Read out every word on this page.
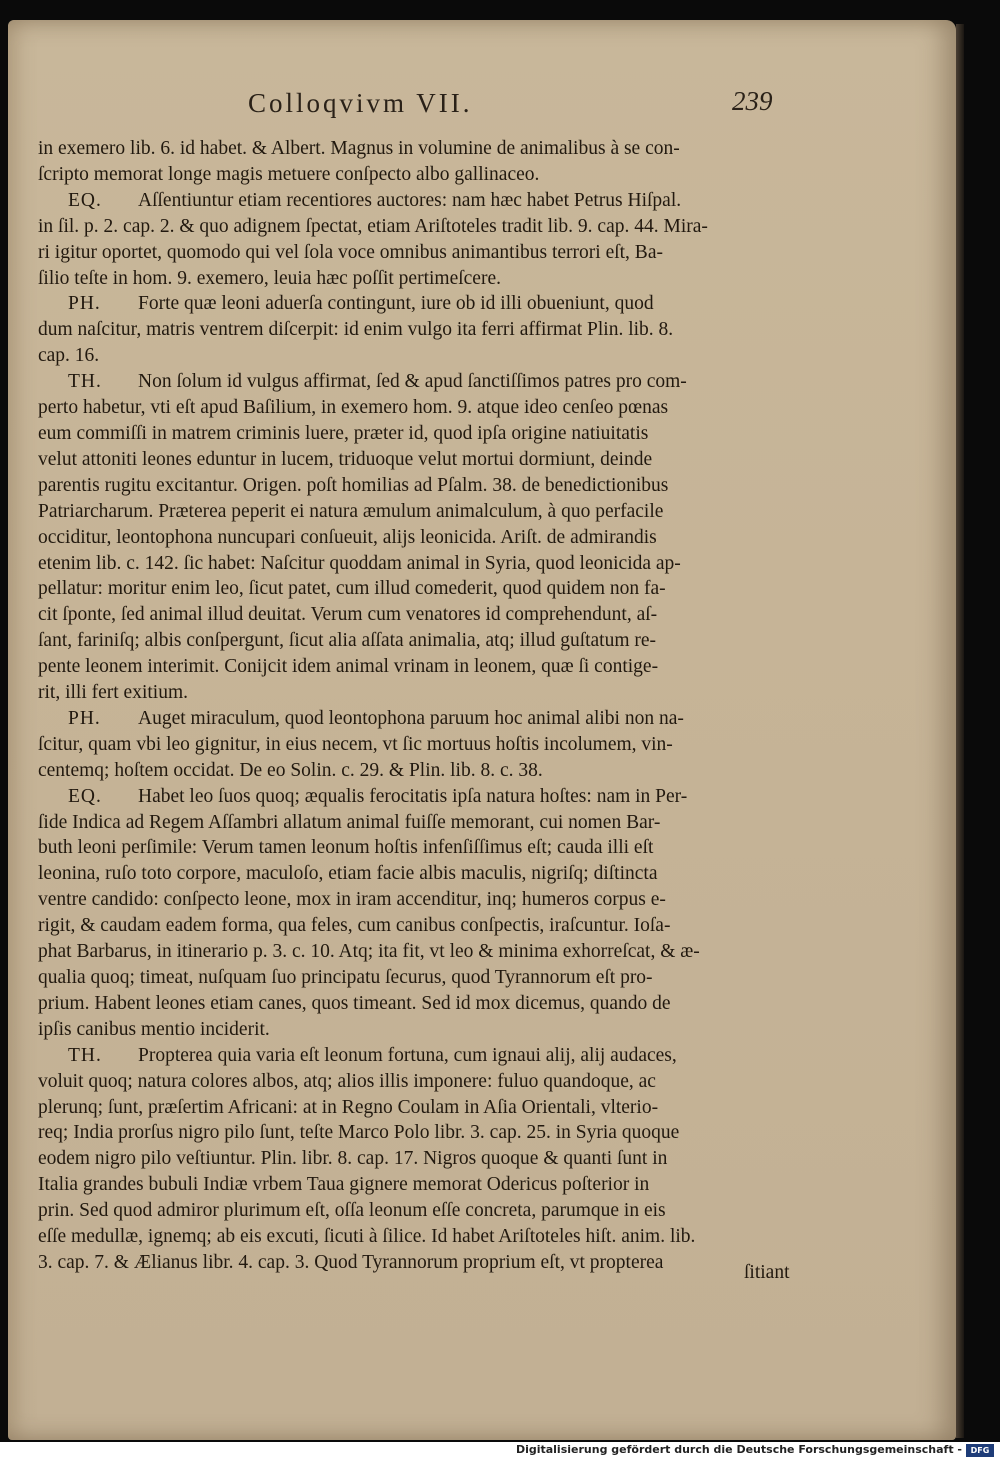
Colloqvivm VII.	239
in exemero lib. 6. id habet. & Albert. Magnus in volumine de animalibus à se con-
ſcripto memorat longe magis metuere conſpecto albo gallinaceo.
EQ. Aſſentiuntur etiam recentiores auctores: nam hæc habet Petrus Hiſpal.
in ſil. p. 2. cap. 2. & quo adignem ſpectat, etiam Ariſtoteles tradit lib. 9. cap. 44. Mira-
ri igitur oportet, quomodo qui vel ſola voce omnibus animantibus terrori eſt, Ba-
ſilio teſte in hom. 9. exemero, leuia hæc poſſit pertimeſcere.
PH. Forte quæ leoni aduerſa contingunt, iure ob id illi obueniunt, quod
dum naſcitur, matris ventrem diſcerpit: id enim vulgo ita ferri affirmat Plin. lib. 8.
cap. 16.
TH. Non ſolum id vulgus affirmat, ſed & apud ſanctiſſimos patres pro com-
perto habetur, vti eſt apud Baſilium, in exemero hom. 9. atque ideo cenſeo pœnas
eum commiſſi in matrem criminis luere, præter id, quod ipſa origine natiuitatis
velut attoniti leones eduntur in lucem, triduoque velut mortui dormiunt, deinde
parentis rugitu excitantur. Origen. poſt homilias ad Pſalm. 38. de benedictionibus
Patriarcharum. Præterea peperit ei natura æmulum animalculum, à quo perfacile
occiditur, leontophona nuncupari conſueuit, alijs leonicida. Ariſt. de admirandis
etenim lib. c. 142. ſic habet: Naſcitur quoddam animal in Syria, quod leonicida ap-
pellatur: moritur enim leo, ſicut patet, cum illud comederit, quod quidem non fa-
cit ſponte, ſed animal illud deuitat. Verum cum venatores id comprehendunt, aſ-
ſant, fariniſq; albis conſpergunt, ſicut alia aſſata animalia, atq; illud guſtatum re-
pente leonem interimit. Conijcit idem animal vrinam in leonem, quæ ſi contige-
rit, illi fert exitium.
PH. Auget miraculum, quod leontophona paruum hoc animal alibi non na-
ſcitur, quam vbi leo gignitur, in eius necem, vt ſic mortuus hoſtis incolumem, vin-
centemq; hoſtem occidat. De eo Solin. c. 29. & Plin. lib. 8. c. 38.
EQ. Habet leo ſuos quoq; æqualis ferocitatis ipſa natura hoſtes: nam in Per-
ſide Indica ad Regem Aſſambri allatum animal fuiſſe memorant, cui nomen Bar-
buth leoni perſimile: Verum tamen leonum hoſtis infenſiſſimus eſt; cauda illi eſt
leonina, ruſo toto corpore, maculoſo, etiam facie albis maculis, nigriſq; diſtincta
ventre candido: conſpecto leone, mox in iram accenditur, inq; humeros corpus e-
rigit, & caudam eadem forma, qua feles, cum canibus conſpectis, iraſcuntur. Ioſa-
phat Barbarus, in itinerario p. 3. c. 10. Atq; ita fit, vt leo & minima exhorreſcat, & æ-
qualia quoq; timeat, nuſquam ſuo principatu ſecurus, quod Tyrannorum eſt pro-
prium. Habent leones etiam canes, quos timeant. Sed id mox dicemus, quando de
ipſis canibus mentio inciderit.
TH. Propterea quia varia eſt leonum fortuna, cum ignaui alij, alij audaces,
voluit quoq; natura colores albos, atq; alios illis imponere: fuluo quandoque, ac
plerunq; ſunt, præſertim Africani: at in Regno Coulam in Aſia Orientali, vlterio-
req; India prorſus nigro pilo ſunt, teſte Marco Polo libr. 3. cap. 25. in Syria quoque
eodem nigro pilo veſtiuntur. Plin. libr. 8. cap. 17. Nigros quoque & quanti ſunt in
Italia grandes bubuli Indiæ vrbem Taua gignere memorat Odericus poſterior in
prin. Sed quod admiror plurimum eſt, oſſa leonum eſſe concreta, parumque in eis
eſſe medullæ, ignemq; ab eis excuti, ſicuti à ſilice. Id habet Ariſtoteles hiſt. anim. lib.
3. cap. 7. & Ælianus libr. 4. cap. 3. Quod Tyrannorum proprium eſt, vt propterea	ſitiant
Digitalisierung gefördert durch die Deutsche Forschungsgemeinschaft -	DFG
